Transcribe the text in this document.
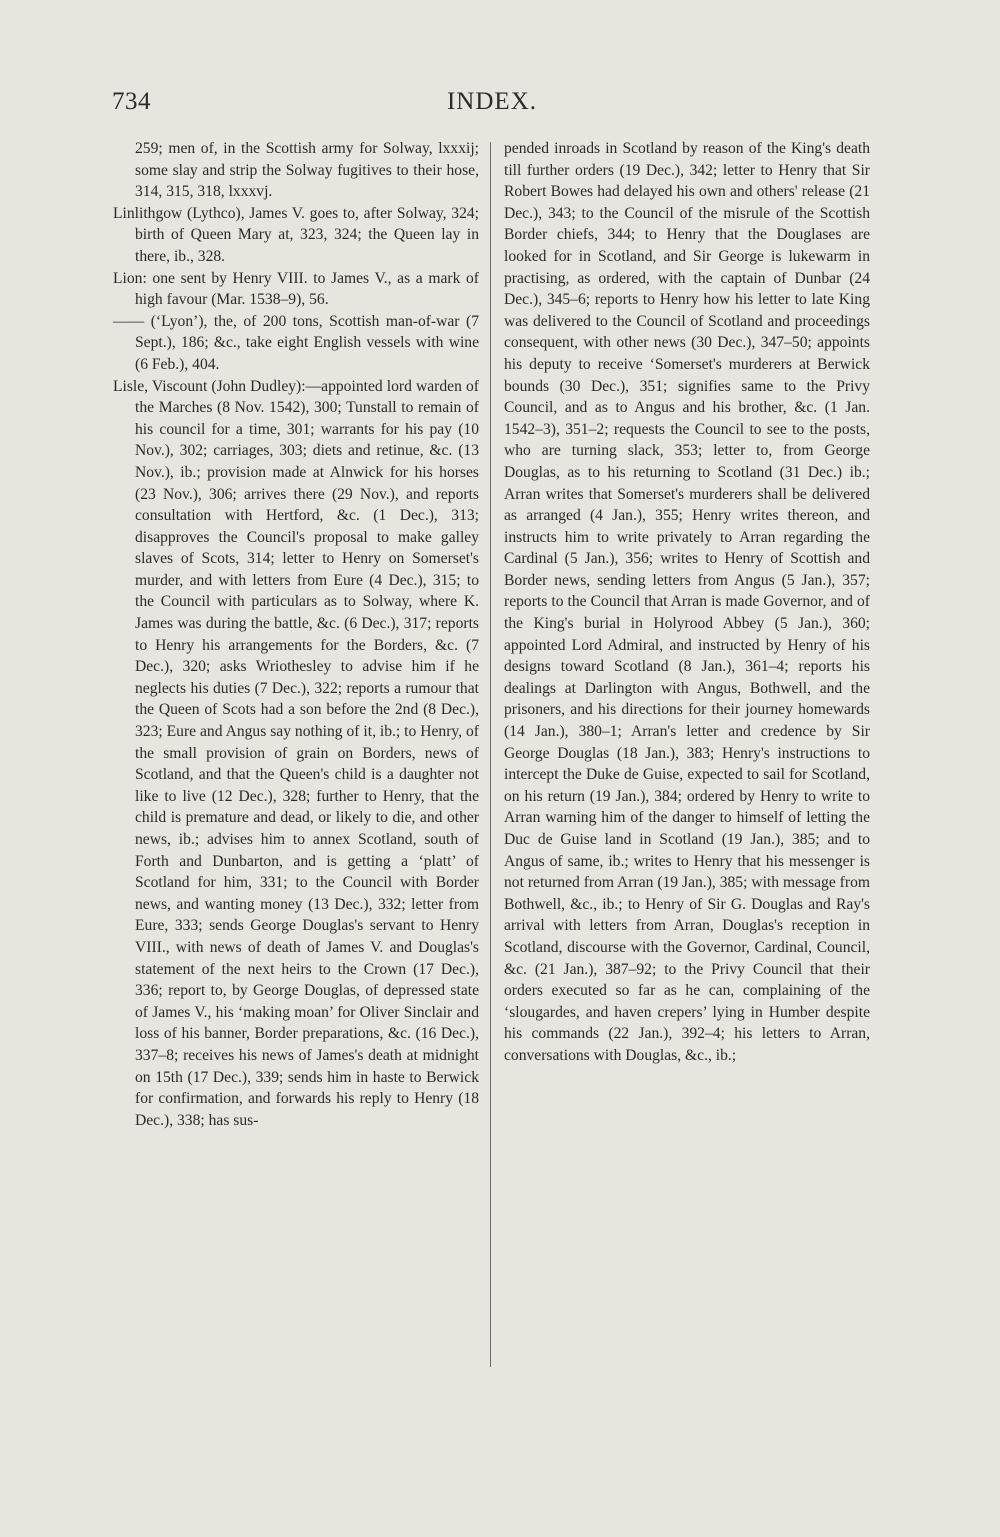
734	INDEX.

259; men of, in the Scottish army for Solway, lxxxij; some slay and strip the Solway fugitives to their hose, 314, 315, 318, lxxxvj.

Linlithgow (Lythco), James V. goes to, after Solway, 324; birth of Queen Mary at, 323, 324; the Queen lay in there, ib., 328.

Lion: one sent by Henry VIII. to James V., as a mark of high favour (Mar. 1538–9), 56.

—— (‘Lyon’), the, of 200 tons, Scottish man-of-war (7 Sept.), 186; &c., take eight English vessels with wine (6 Feb.), 404.

Lisle, Viscount (John Dudley):—appointed lord warden of the Marches (8 Nov. 1542), 300; Tunstall to remain of his council for a time, 301; warrants for his pay (10 Nov.), 302; carriages, 303; diets and retinue, &c. (13 Nov.), ib.; provision made at Alnwick for his horses (23 Nov.), 306; arrives there (29 Nov.), and reports consultation with Hertford, &c. (1 Dec.), 313; disapproves the Council's proposal to make galley slaves of Scots, 314; letter to Henry on Somerset's murder, and with letters from Eure (4 Dec.), 315; to the Council with particulars as to Solway, where K. James was during the battle, &c. (6 Dec.), 317; reports to Henry his arrangements for the Borders, &c. (7 Dec.), 320; asks Wriothesley to advise him if he neglects his duties (7 Dec.), 322; reports a rumour that the Queen of Scots had a son before the 2nd (8 Dec.), 323; Eure and Angus say nothing of it, ib.; to Henry, of the small provision of grain on Borders, news of Scotland, and that the Queen's child is a daughter not like to live (12 Dec.), 328; further to Henry, that the child is premature and dead, or likely to die, and other news, ib.; advises him to annex Scotland, south of Forth and Dunbarton, and is getting a ‘platt’ of Scotland for him, 331; to the Council with Border news, and wanting money (13 Dec.), 332; letter from Eure, 333; sends George Douglas's servant to Henry VIII., with news of death of James V. and Douglas's statement of the next heirs to the Crown (17 Dec.), 336; report to, by George Douglas, of depressed state of James V., his ‘making moan’ for Oliver Sinclair and loss of his banner, Border preparations, &c. (16 Dec.), 337–8; receives his news of James's death at midnight on 15th (17 Dec.), 339; sends him in haste to Berwick for confirmation, and forwards his reply to Henry (18 Dec.), 338; has sus-

pended inroads in Scotland by reason of the King's death till further orders (19 Dec.), 342; letter to Henry that Sir Robert Bowes had delayed his own and others' release (21 Dec.), 343; to the Council of the misrule of the Scottish Border chiefs, 344; to Henry that the Douglases are looked for in Scotland, and Sir George is lukewarm in practising, as ordered, with the captain of Dunbar (24 Dec.), 345–6; reports to Henry how his letter to late King was delivered to the Council of Scotland and proceedings consequent, with other news (30 Dec.), 347–50; appoints his deputy to receive ‘Somerset's murderers at Berwick bounds (30 Dec.), 351; signifies same to the Privy Council, and as to Angus and his brother, &c. (1 Jan. 1542–3), 351–2; requests the Council to see to the posts, who are turning slack, 353; letter to, from George Douglas, as to his returning to Scotland (31 Dec.) ib.; Arran writes that Somerset's murderers shall be delivered as arranged (4 Jan.), 355; Henry writes thereon, and instructs him to write privately to Arran regarding the Cardinal (5 Jan.), 356; writes to Henry of Scottish and Border news, sending letters from Angus (5 Jan.), 357; reports to the Council that Arran is made Governor, and of the King's burial in Holyrood Abbey (5 Jan.), 360; appointed Lord Admiral, and instructed by Henry of his designs toward Scotland (8 Jan.), 361–4; reports his dealings at Darlington with Angus, Bothwell, and the prisoners, and his directions for their journey homewards (14 Jan.), 380–1; Arran's letter and credence by Sir George Douglas (18 Jan.), 383; Henry's instructions to intercept the Duke de Guise, expected to sail for Scotland, on his return (19 Jan.), 384; ordered by Henry to write to Arran warning him of the danger to himself of letting the Duc de Guise land in Scotland (19 Jan.), 385; and to Angus of same, ib.; writes to Henry that his messenger is not returned from Arran (19 Jan.), 385; with message from Bothwell, &c., ib.; to Henry of Sir G. Douglas and Ray's arrival with letters from Arran, Douglas's reception in Scotland, discourse with the Governor, Cardinal, Council, &c. (21 Jan.), 387–92; to the Privy Council that their orders executed so far as he can, complaining of the ‘slougardes, and haven crepers’ lying in Humber despite his commands (22 Jan.), 392–4; his letters to Arran, conversations with Douglas, &c., ib.;
